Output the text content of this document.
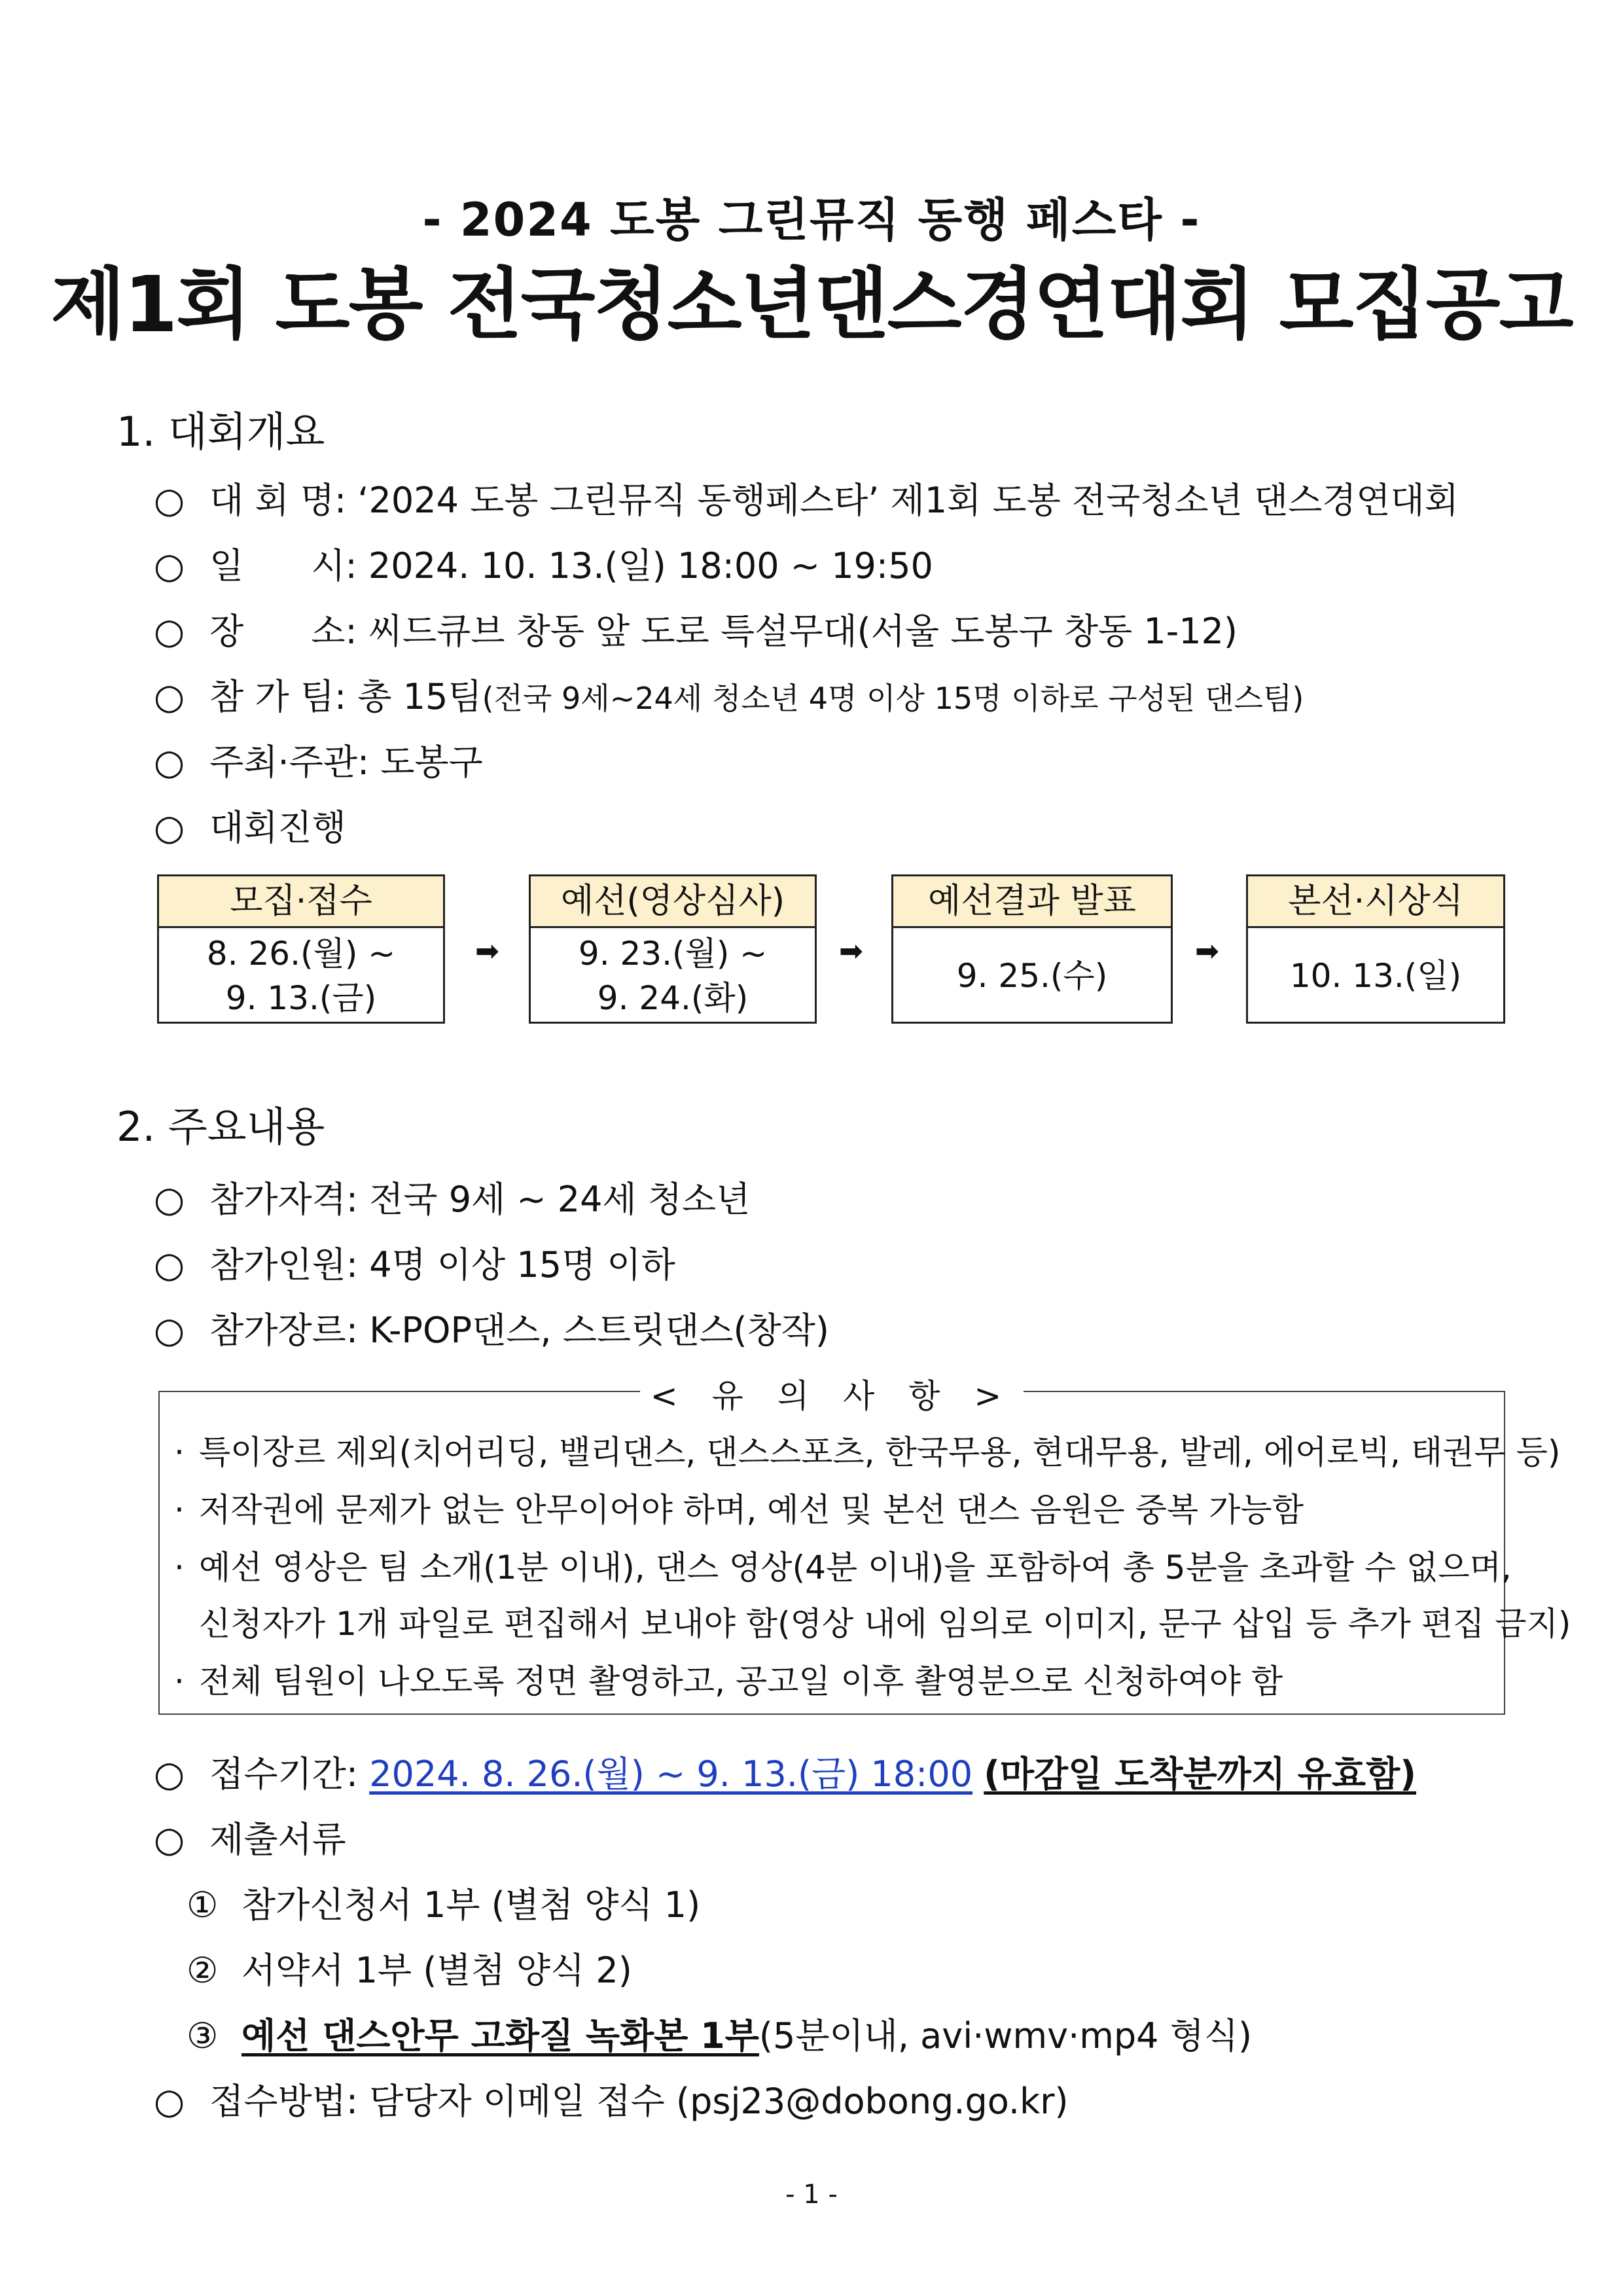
- 2024 도봉 그린뮤직 동행 페스타 -
제1회 도봉 전국청소년댄스경연대회 모집공고
1. 대회개요
○ 대 회 명: ‘2024 도봉 그린뮤직 동행페스타’ 제1회 도봉 전국청소년 댄스경연대회
○ 일      시: 2024. 10. 13.(일) 18:00 ~ 19:50
○ 장      소: 씨드큐브 창동 앞 도로 특설무대(서울 도봉구 창동 1-12)
○ 참 가 팀: 총 15팀(전국 9세~24세 청소년 4명 이상 15명 이하로 구성된 댄스팀)
○ 주최·주관: 도봉구
○ 대회진행
모집·접수
8. 26.(월) ~
9. 13.(금)
➡
예선(영상심사)
9. 23.(월) ~
9. 24.(화)
➡
예선결과 발표
9. 25.(수)
➡
본선·시상식
10. 13.(일)
2. 주요내용
○ 참가자격: 전국 9세 ~ 24세 청소년
○ 참가인원: 4명 이상 15명 이하
○ 참가장르: K-POP댄스, 스트릿댄스(창작)
< 유 의 사 항 >
· 특이장르 제외(치어리딩, 밸리댄스, 댄스스포츠, 한국무용, 현대무용, 발레, 에어로빅, 태권무 등)
· 저작권에 문제가 없는 안무이어야 하며, 예선 및 본선 댄스 음원은 중복 가능함
· 예선 영상은 팀 소개(1분 이내), 댄스 영상(4분 이내)을 포함하여 총 5분을 초과할 수 없으며,
신청자가 1개 파일로 편집해서 보내야 함(영상 내에 임의로 이미지, 문구 삽입 등 추가 편집 금지)
· 전체 팀원이 나오도록 정면 촬영하고, 공고일 이후 촬영분으로 신청하여야 함
○ 접수기간: 2024. 8. 26.(월) ~ 9. 13.(금) 18:00 (마감일 도착분까지 유효함)
○ 제출서류
① 참가신청서 1부 (별첨 양식 1)
② 서약서 1부 (별첨 양식 2)
③ 예선 댄스안무 고화질 녹화본 1부(5분이내, avi·wmv·mp4 형식)
○ 접수방법: 담당자 이메일 접수 (psj23@dobong.go.kr)
- 1 -
